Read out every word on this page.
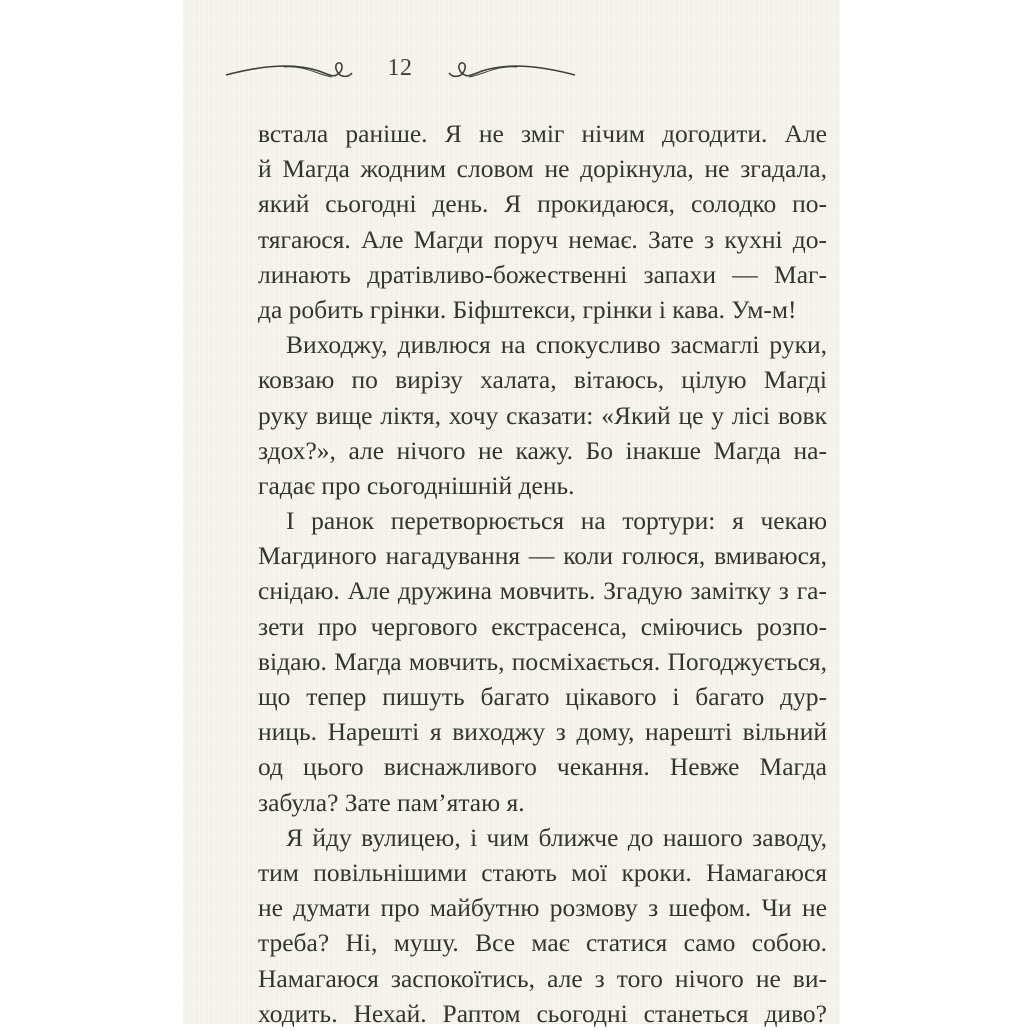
12
встала раніше. Я не зміг нічим догодити. Але
й Магда жодним словом не дорікнула, не згадала,
який сьогодні день. Я прокидаюся, солодко по-
тягаюся. Але Магди поруч немає. Зате з кухні до-
линають дратівливо-божественні запахи — Маг-
да робить грінки. Біфштекси, грінки і кава. Ум-м!
Виходжу, дивлюся на спокусливо засмаглі руки,
ковзаю по вирізу халата, вітаюсь, цілую Магді
руку вище ліктя, хочу сказати: «Який це у лісі вовк
здох?», але нічого не кажу. Бо інакше Магда на-
гадає про сьогоднішній день.
І ранок перетворюється на тортури: я чекаю
Магдиного нагадування — коли голюся, вмиваюся,
снідаю. Але дружина мовчить. Згадую замітку з га-
зети про чергового екстрасенса, сміючись розпо-
відаю. Магда мовчить, посміхається. Погоджується,
що тепер пишуть багато цікавого і багато дур-
ниць. Нарешті я виходжу з дому, нарешті вільний
од цього виснажливого чекання. Невже Магда
забула? Зате пам’ятаю я.
Я йду вулицею, і чим ближче до нашого заводу,
тим повільнішими стають мої кроки. Намагаюся
не думати про майбутню розмову з шефом. Чи не
треба? Ні, мушу. Все має статися само собою.
Намагаюся заспокоїтись, але з того нічого не ви-
ходить. Нехай. Раптом сьогодні станеться диво?
